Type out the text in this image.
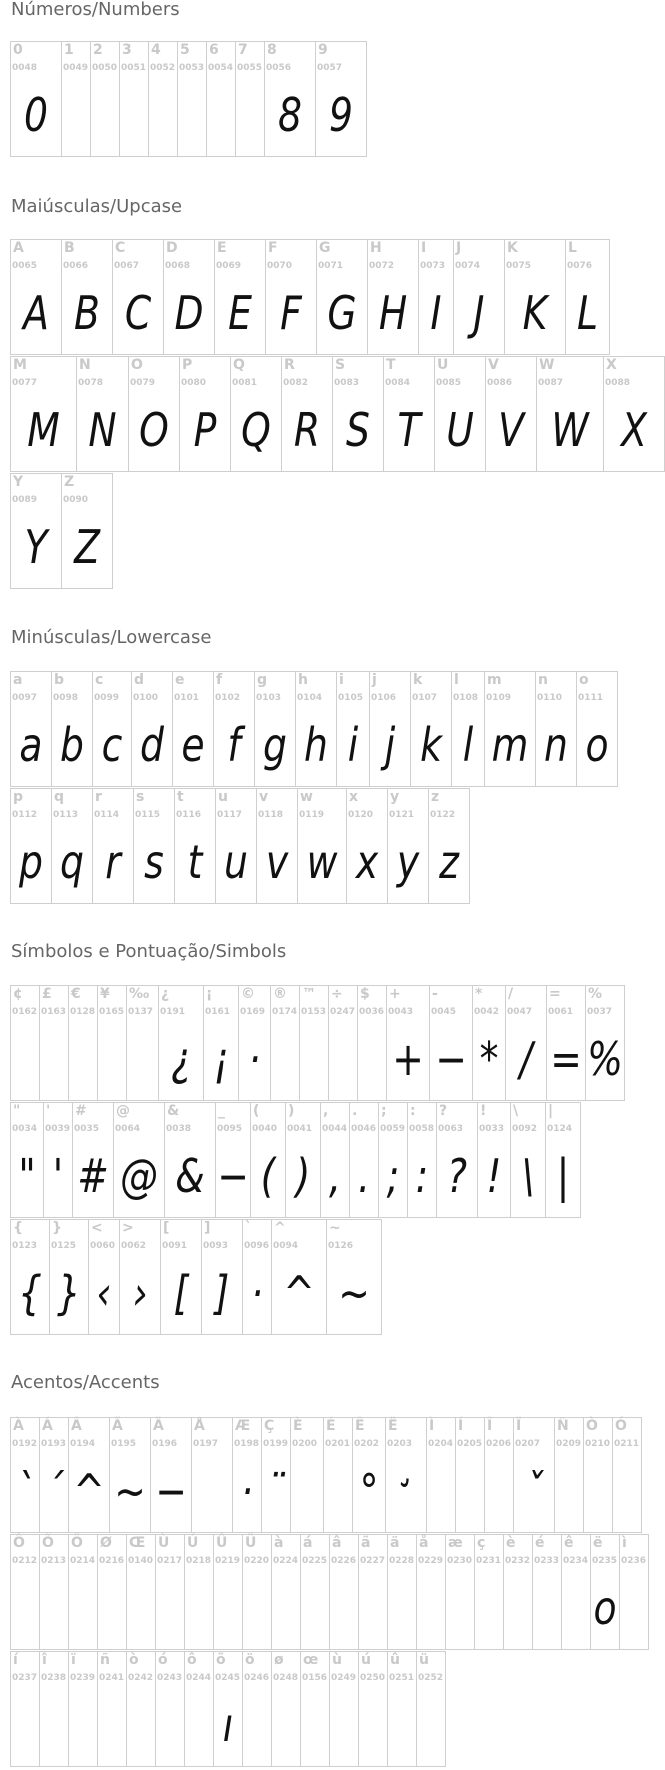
Números/Numbers
Maiúsculas/Upcase
Minúsculas/Lowercase
Símbolos e Pontuação/Simbols
Acentos/Accents
0
0048
0
1
0049
2
0050
3
0051
4
0052
5
0053
6
0054
7
0055
8
0056
8
9
0057
9
A
0065
A
B
0066
B
C
0067
C
D
0068
D
E
0069
E
F
0070
F
G
0071
G
H
0072
H
I
0073
I
J
0074
J
K
0075
K
L
0076
L
M
0077
M
N
0078
N
O
0079
O
P
0080
P
Q
0081
Q
R
0082
R
S
0083
S
T
0084
T
U
0085
U
V
0086
V
W
0087
W
X
0088
X
Y
0089
Y
Z
0090
Z
a
0097
a
b
0098
b
c
0099
c
d
0100
d
e
0101
e
f
0102
f
g
0103
g
h
0104
h
i
0105
i
j
0106
j
k
0107
k
l
0108
l
m
0109
m
n
0110
n
o
0111
o
p
0112
p
q
0113
q
r
0114
r
s
0115
s
t
0116
t
u
0117
u
v
0118
v
w
0119
w
x
0120
x
y
0121
y
z
0122
z
¢
0162
£
0163
€
0128
¥
0165
‰
0137
¿
0191
¿
¡
0161
¡
©
0169
·
®
0174
™
0153
÷
0247
$
0036
+
0043
+
-
0045
−
*
0042
*
/
0047
/
=
0061
=
%
0037
%
"
0034
"
'
0039
'
#
0035
#
@
0064
@
&
0038
&
_
0095
−
(
0040
(
)
0041
)
,
0044
,
.
0046
.
;
0059
;
:
0058
:
?
0063
?
!
0033
!
\
0092
\
|
0124
|
{
0123
{
}
0125
}
<
0060
‹
>
0062
›
[
0091
[
]
0093
]
`
0096
·
^
0094
^
~
0126
~
À
0192
ˋ
Á
0193
ˊ
Â
0194
^
Ã
0195
~
Ä
0196
−
Å
0197
Æ
0198
·
Ç
0199
¨
È
0200
É
0201
Ê
0202
°
Ë
0203
Ì
0204
Í
0205
Î
0206
Ï
0207
ˇ
Ñ
0209
Ò
0210
Ó
0211
Ô
0212
Õ
0213
Ö
0214
Ø
0216
Œ
0140
Ù
0217
Ú
0218
Û
0219
Ü
0220
à
0224
á
0225
â
0226
ã
0227
ä
0228
å
0229
æ
0230
ç
0231
è
0232
é
0233
ê
0234
ë
0235
o
ì
0236
í
0237
î
0238
ï
0239
ñ
0241
ò
0242
ó
0243
ô
0244
õ
0245
ı
ö
0246
ø
0248
œ
0156
ù
0249
ú
0250
û
0251
ü
0252
